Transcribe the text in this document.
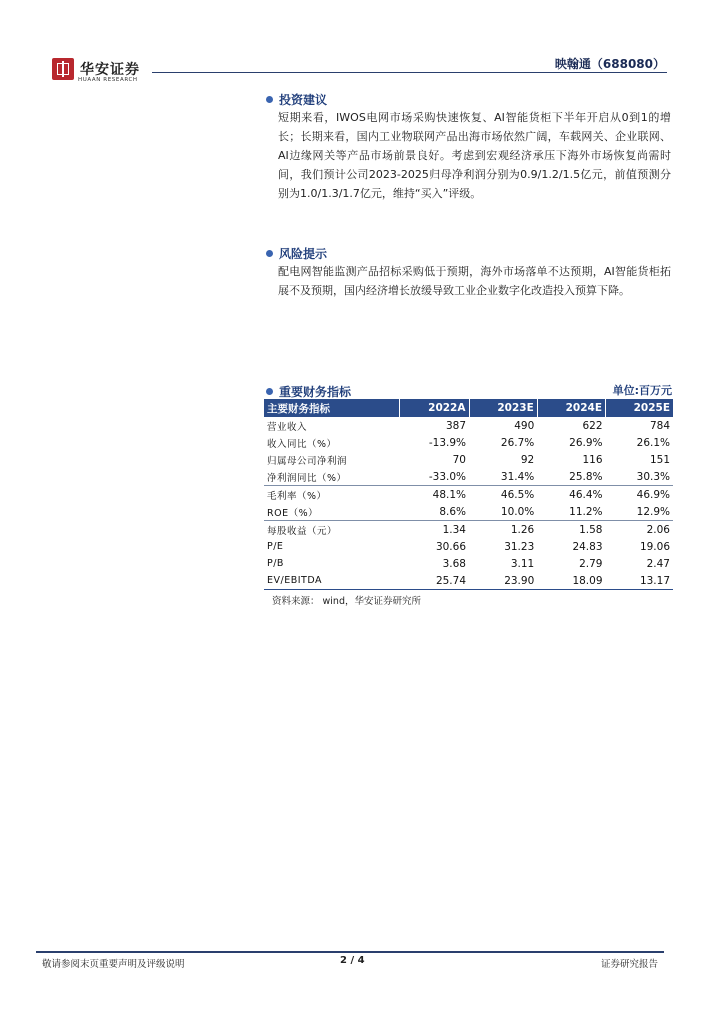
华安证券
HUAAN RESEARCH
映翰通（688080）
投资建议
短期来看，IWOS电网市场采购快速恢复、AI智能货柜下半年开启从0到1的增长；长期来看，国内工业物联网产品出海市场依然广阔，车载网关、企业联网、AI边缘网关等产品市场前景良好。考虑到宏观经济承压下海外市场恢复尚需时间，我们预计公司2023-2025归母净利润分别为0.9/1.2/1.5亿元，前值预测分别为1.0/1.3/1.7亿元，维持“买入”评级。
风险提示
配电网智能监测产品招标采购低于预期，海外市场落单不达预期，AI智能货柜拓展不及预期，国内经济增长放缓导致工业企业数字化改造投入预算下降。
重要财务指标	单位:百万元
主要财务指标	2022A	2023E	2024E	2025E
营业收入	387	490	622	784
收入同比（%）	-13.9%	26.7%	26.9%	26.1%
归属母公司净利润	70	92	116	151
净利润同比（%）	-33.0%	31.4%	25.8%	30.3%
毛利率（%）	48.1%	46.5%	46.4%	46.9%
ROE（%）	8.6%	10.0%	11.2%	12.9%
每股收益（元）	1.34	1.26	1.58	2.06
P/E	30.66	31.23	24.83	19.06
P/B	3.68	3.11	2.79	2.47
EV/EBITDA	25.74	23.90	18.09	13.17
资料来源： wind，华安证券研究所
敬请参阅末页重要声明及评级说明	2 / 4	证券研究报告
